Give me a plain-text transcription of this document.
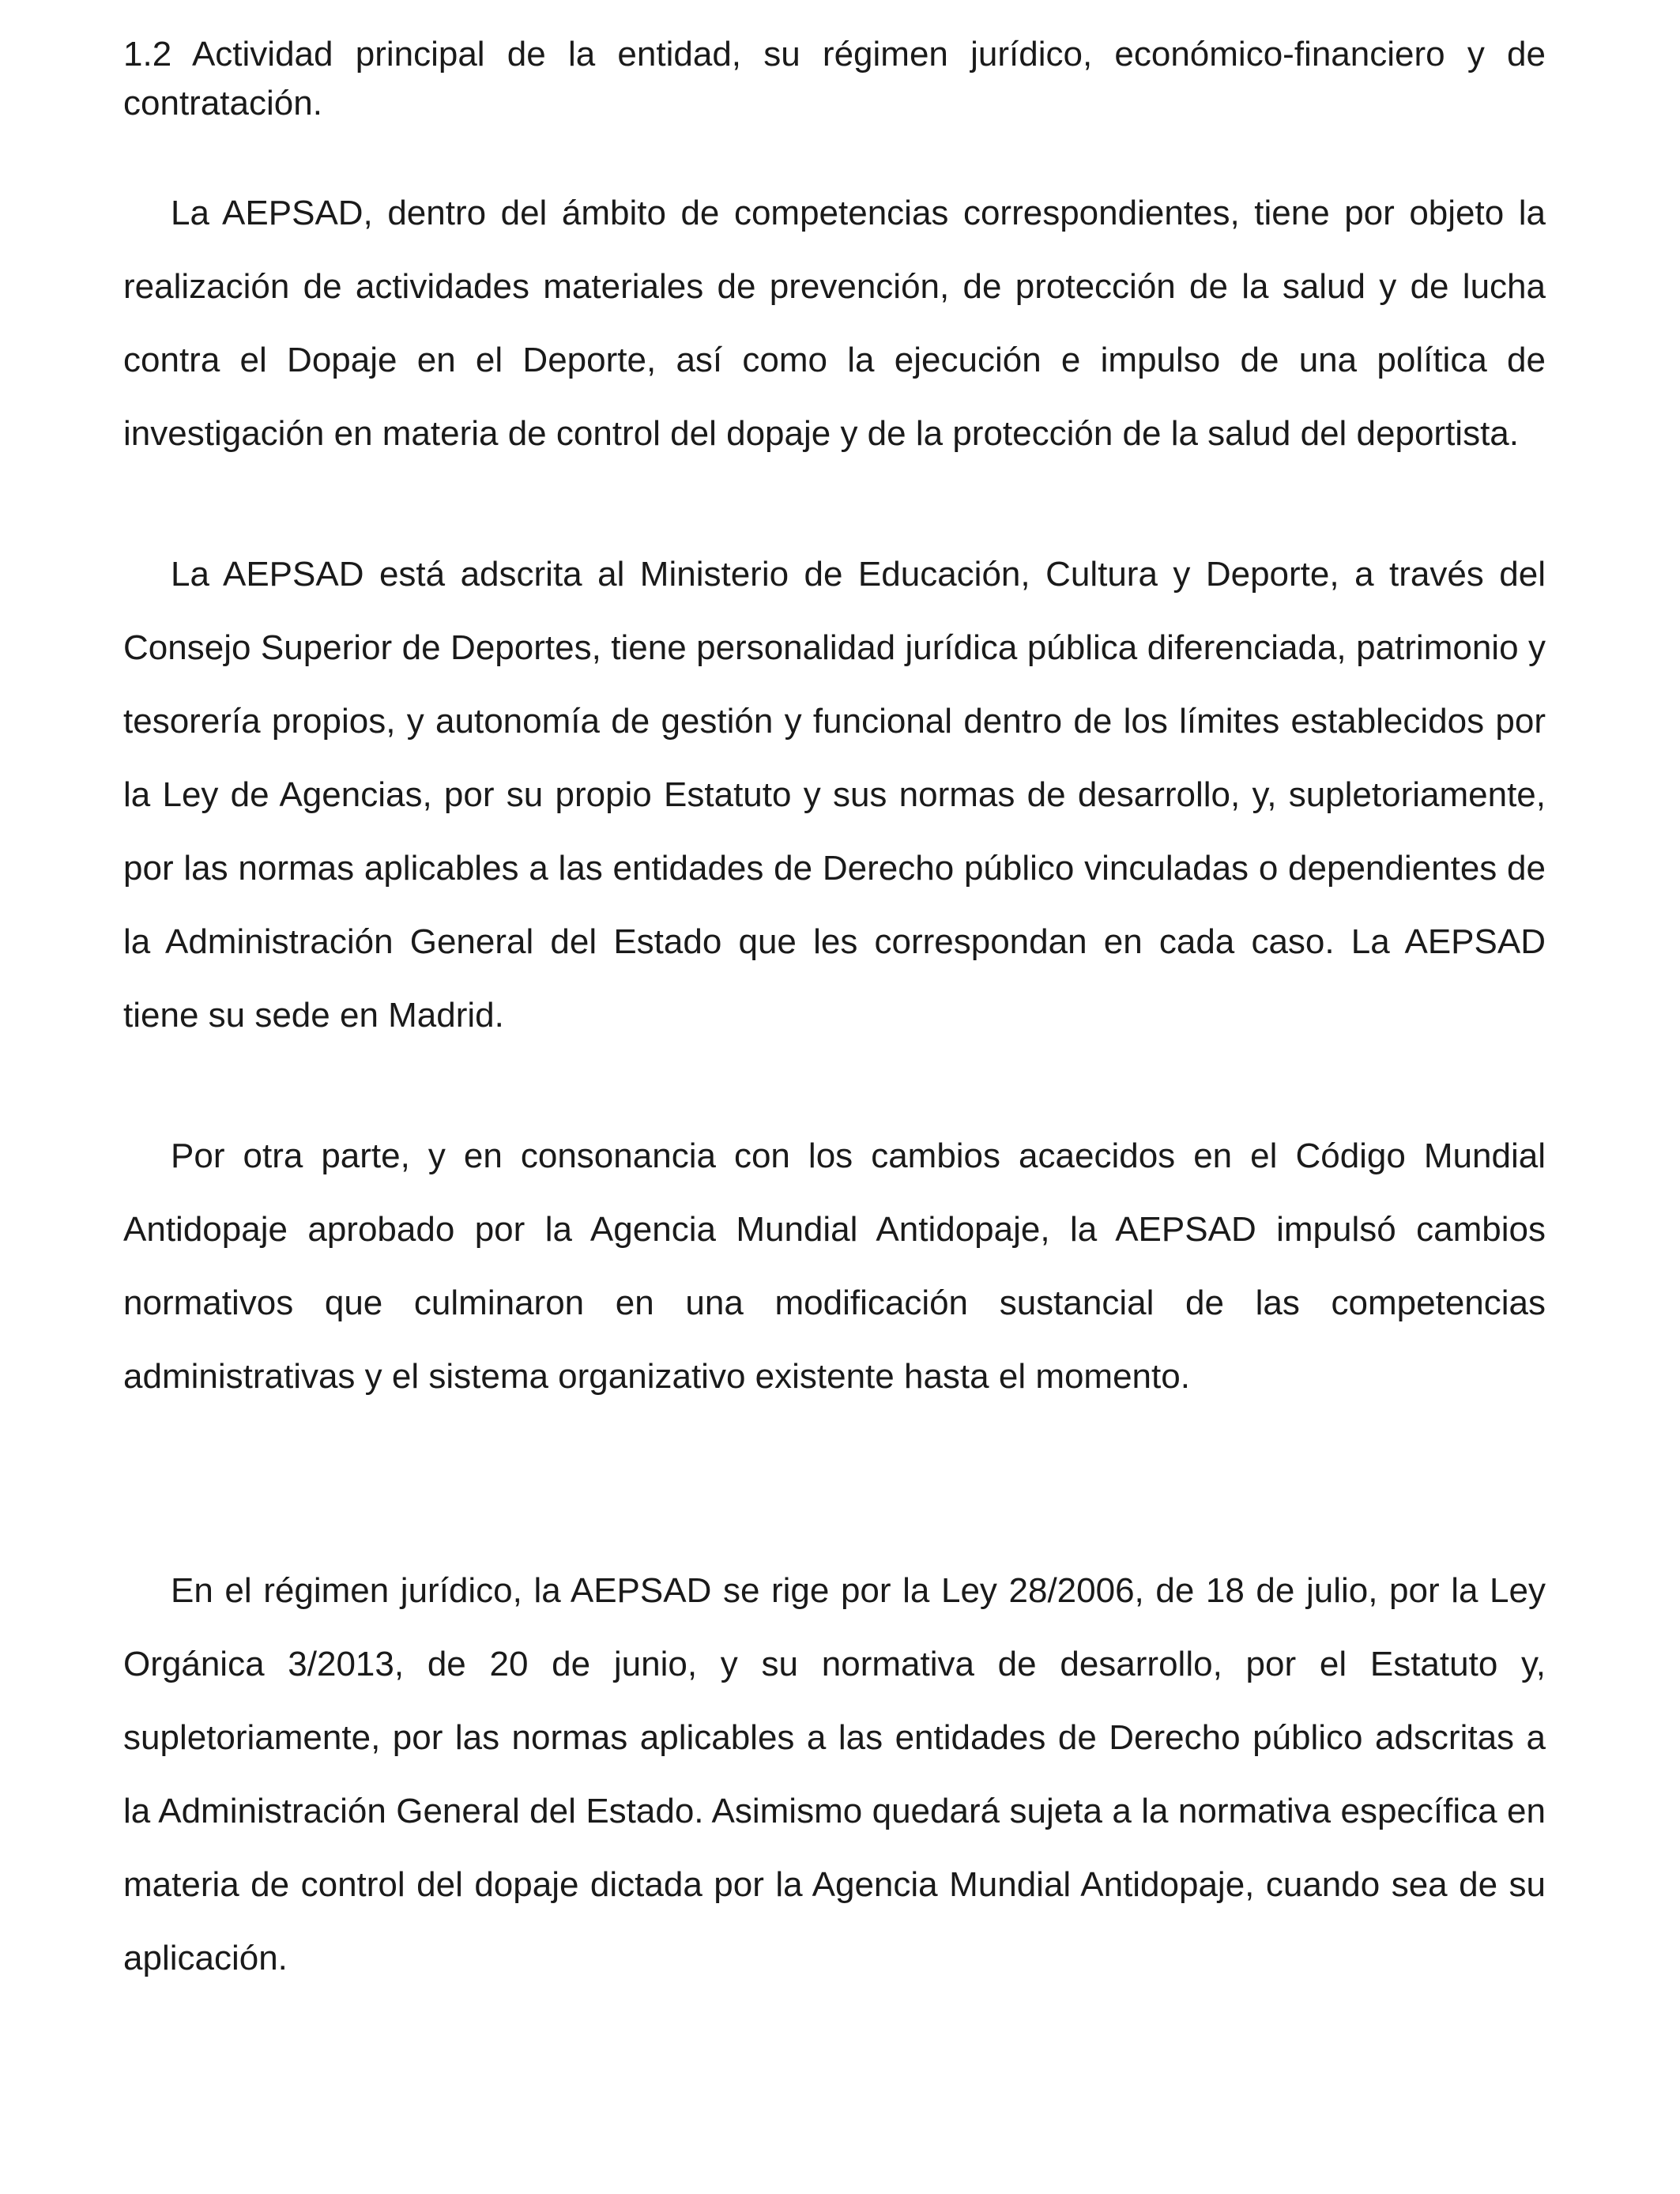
1.2 Actividad principal de la entidad, su régimen jurídico, económico-financiero y de contratación.

La AEPSAD, dentro del ámbito de competencias correspondientes, tiene por objeto la realización de actividades materiales de prevención, de protección de la salud y de lucha contra el Dopaje en el Deporte, así como la ejecución e impulso de una política de investigación en materia de control del dopaje y de la protección de la salud del deportista.

La AEPSAD está adscrita al Ministerio de Educación, Cultura y Deporte, a través del Consejo Superior de Deportes, tiene personalidad jurídica pública diferenciada, patrimonio y tesorería propios, y autonomía de gestión y funcional dentro de los límites establecidos por la Ley de Agencias, por su propio Estatuto y sus normas de desarrollo, y, supletoriamente, por las normas aplicables a las entidades de Derecho público vinculadas o dependientes de la Administración General del Estado que les correspondan en cada caso. La AEPSAD tiene su sede en Madrid.

Por otra parte, y en consonancia con los cambios acaecidos en el Código Mundial Antidopaje aprobado por la Agencia Mundial Antidopaje, la AEPSAD impulsó cambios normativos que culminaron en una modificación sustancial de las competencias administrativas y el sistema organizativo existente hasta el momento.

En el régimen jurídico, la AEPSAD se rige por la Ley 28/2006, de 18 de julio, por la Ley Orgánica 3/2013, de 20 de junio, y su normativa de desarrollo, por el Estatuto y, supletoriamente, por las normas aplicables a las entidades de Derecho público adscritas a la Administración General del Estado. Asimismo quedará sujeta a la normativa específica en materia de control del dopaje dictada por la Agencia Mundial Antidopaje, cuando sea de su aplicación.
